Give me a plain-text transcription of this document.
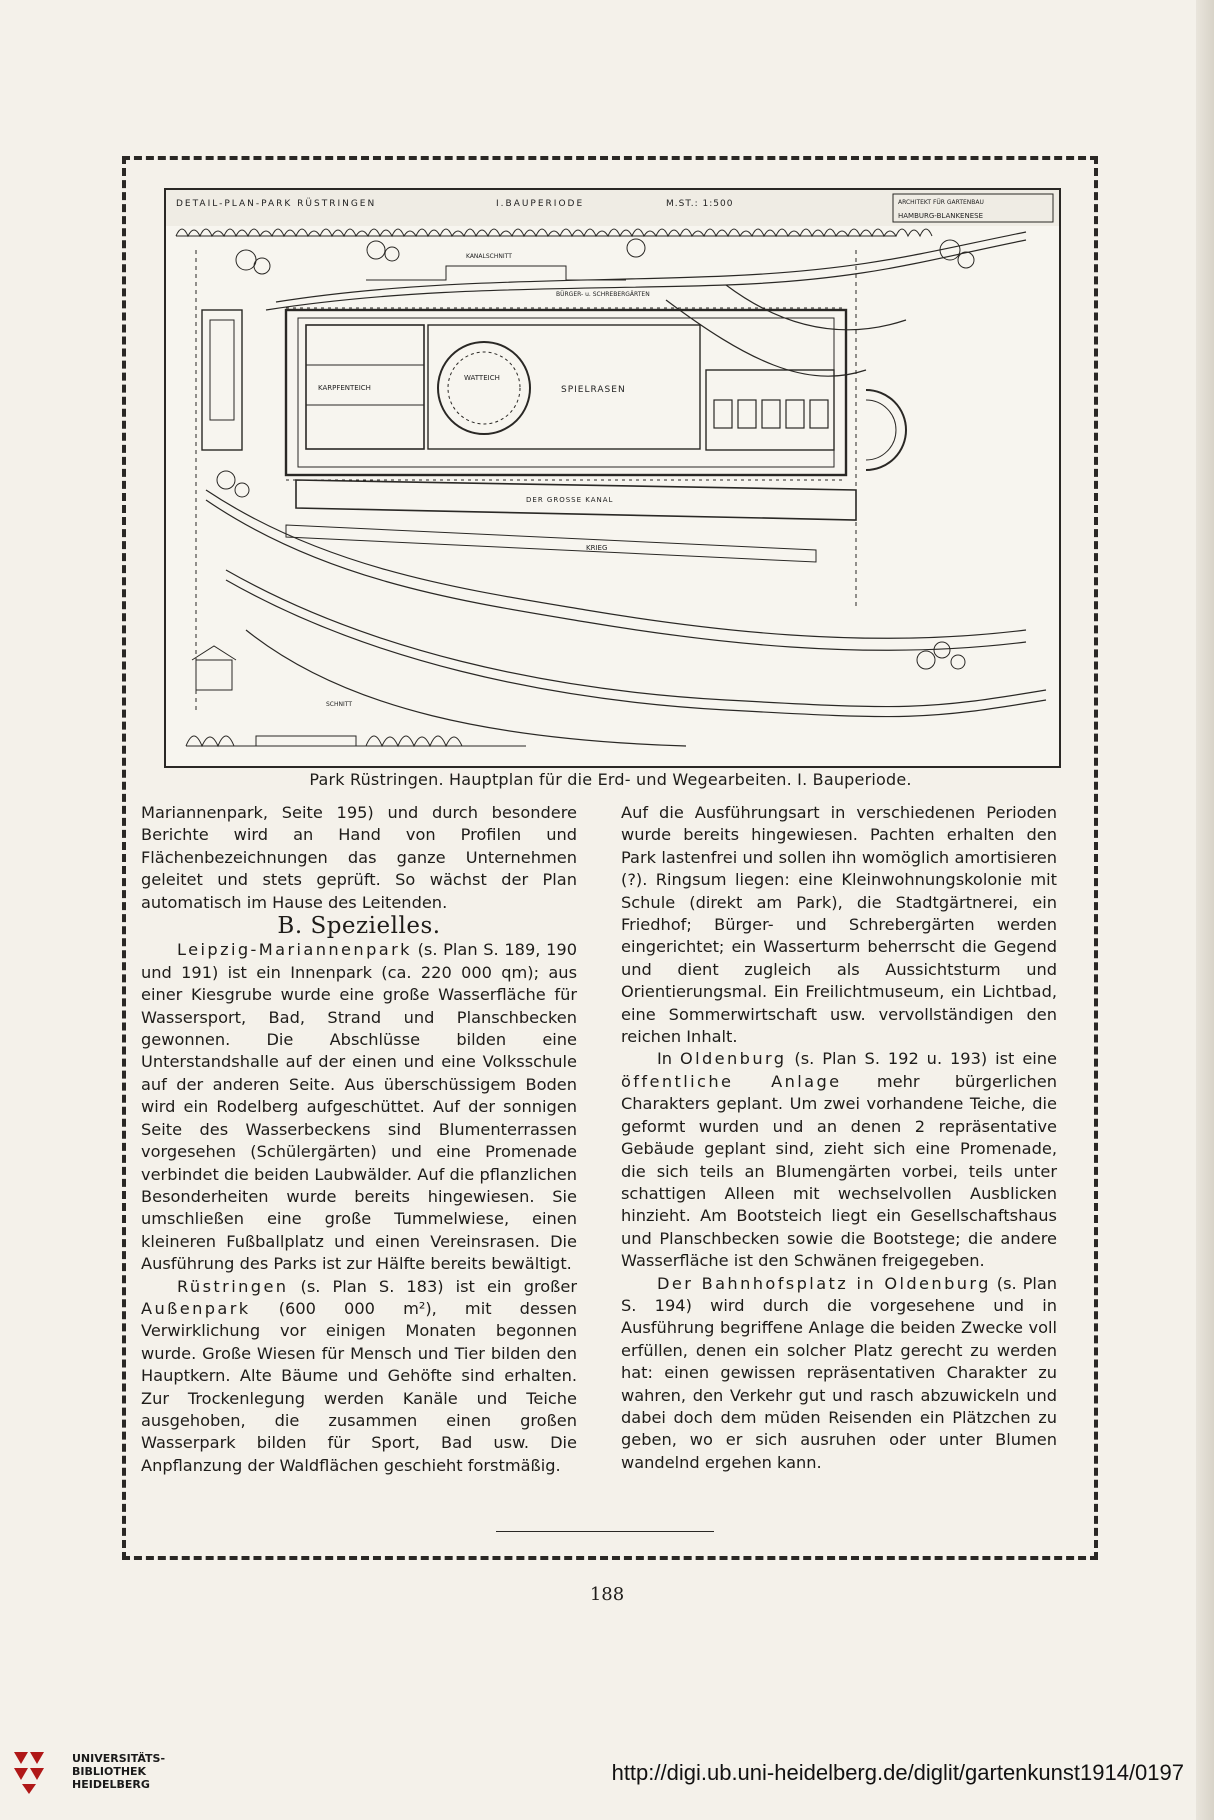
DETAIL-PLAN-PARK RÜSTRINGEN	I.BAUPERIODE	M.ST.: 1:500	ARCHITEKT FÜR GARTENBAU
HAMBURG-BLANKENESE
KANALSCHNITT
BÜRGER- u. SCHREBERGÄRTEN
KARPFENTEICH
WATTEICH
SPIELRASEN
DER GROSSE KANAL
KRIEG
SCHNITT
Park Rüstringen. Hauptplan für die Erd- und Wegearbeiten. I. Bauperiode.

Mariannenpark, Seite 195) und durch besondere Berichte wird an Hand von Profilen und Flächenbezeichnungen das ganze Unternehmen geleitet und stets geprüft. So wächst der Plan automatisch im Hause des Leitenden.

B. Spezielles.

Leipzig-Mariannenpark (s. Plan S. 189, 190 und 191) ist ein Innenpark (ca. 220 000 qm); aus einer Kiesgrube wurde eine große Wasserfläche für Wassersport, Bad, Strand und Planschbecken gewonnen. Die Abschlüsse bilden eine Unterstandshalle auf der einen und eine Volksschule auf der anderen Seite. Aus überschüssigem Boden wird ein Rodelberg aufgeschüttet. Auf der sonnigen Seite des Wasserbeckens sind Blumenterrassen vorgesehen (Schülergärten) und eine Promenade verbindet die beiden Laubwälder. Auf die pflanzlichen Besonderheiten wurde bereits hingewiesen. Sie umschließen eine große Tummelwiese, einen kleineren Fußballplatz und einen Vereinsrasen. Die Ausführung des Parks ist zur Hälfte bereits bewältigt.

Rüstringen (s. Plan S. 183) ist ein großer Außenpark (600 000 m²), mit dessen Verwirklichung vor einigen Monaten begonnen wurde. Große Wiesen für Mensch und Tier bilden den Hauptkern. Alte Bäume und Gehöfte sind erhalten. Zur Trockenlegung werden Kanäle und Teiche ausgehoben, die zusammen einen großen Wasserpark bilden für Sport, Bad usw. Die Anpflanzung der Waldflächen geschieht forstmäßig.

Auf die Ausführungsart in verschiedenen Perioden wurde bereits hingewiesen. Pachten erhalten den Park lastenfrei und sollen ihn womöglich amortisieren (?). Ringsum liegen: eine Kleinwohnungskolonie mit Schule (direkt am Park), die Stadtgärtnerei, ein Friedhof; Bürger- und Schrebergärten werden eingerichtet; ein Wasserturm beherrscht die Gegend und dient zugleich als Aussichtsturm und Orientierungsmal. Ein Freilichtmuseum, ein Lichtbad, eine Sommerwirtschaft usw. vervollständigen den reichen Inhalt.

In Oldenburg (s. Plan S. 192 u. 193) ist eine öffentliche Anlage mehr bürgerlichen Charakters geplant. Um zwei vorhandene Teiche, die geformt wurden und an denen 2 repräsentative Gebäude geplant sind, zieht sich eine Promenade, die sich teils an Blumengärten vorbei, teils unter schattigen Alleen mit wechselvollen Ausblicken hinzieht. Am Bootsteich liegt ein Gesellschaftshaus und Planschbecken sowie die Bootstege; die andere Wasserfläche ist den Schwänen freigegeben.

Der Bahnhofsplatz in Oldenburg (s. Plan S. 194) wird durch die vorgesehene und in Ausführung begriffene Anlage die beiden Zwecke voll erfüllen, denen ein solcher Platz gerecht zu werden hat: einen gewissen repräsentativen Charakter zu wahren, den Verkehr gut und rasch abzuwickeln und dabei doch dem müden Reisenden ein Plätzchen zu geben, wo er sich ausruhen oder unter Blumen wandelnd ergehen kann.

188
UNIVERSITÄTS-
BIBLIOTHEK
HEIDELBERG	http://digi.ub.uni-heidelberg.de/diglit/gartenkunst1914/0197
